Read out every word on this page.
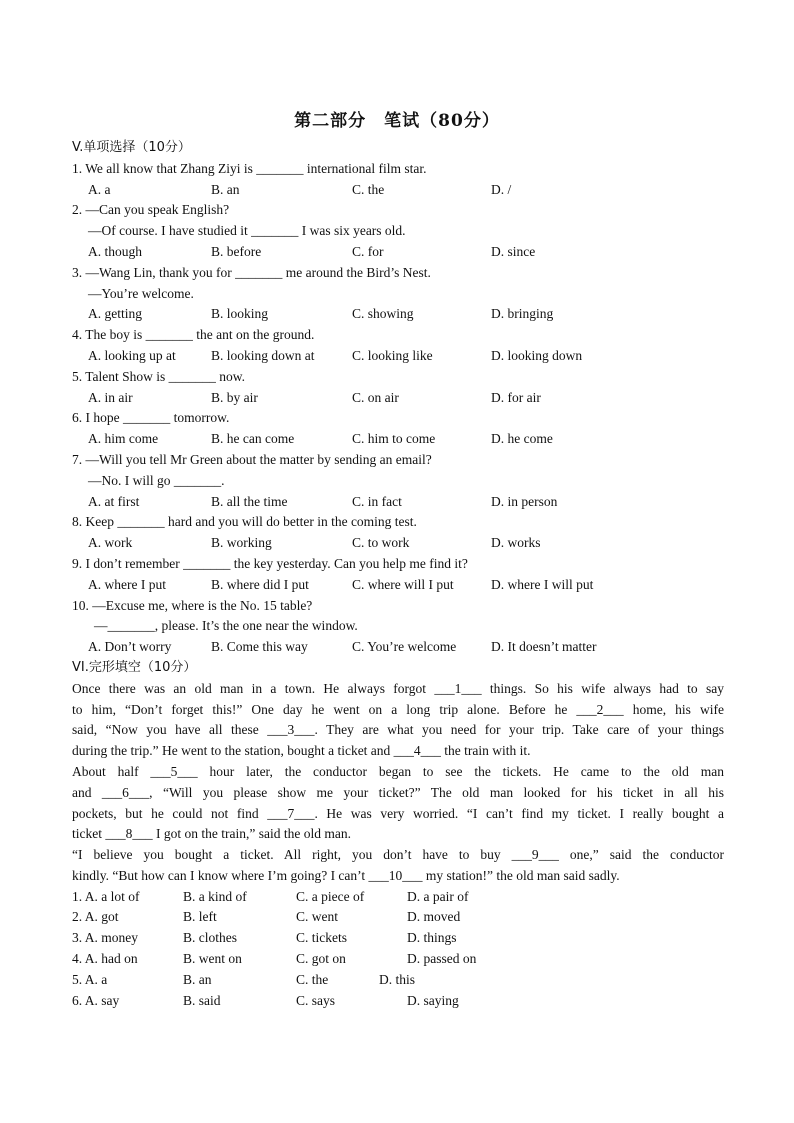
第二部分　笔试（80分）
V.单项选择（10分）
1. We all know that Zhang Ziyi is _______ international film star.
A. a	B. an	C. the	D. /
2. —Can you speak English?
—Of course. I have studied it _______ I was six years old.
A. though	B. before	C. for	D. since
3. —Wang Lin, thank you for _______ me around the Bird’s Nest.
—You’re welcome.
A. getting	B. looking	C. showing	D. bringing
4. The boy is _______ the ant on the ground.
A. looking up at	B. looking down at	C. looking like	D. looking down
5. Talent Show is _______ now.
A. in air	B. by air	C. on air	D. for air
6. I hope _______ tomorrow.
A. him come	B. he can come	C. him to come	D. he come
7. —Will you tell Mr Green about the matter by sending an email?
—No. I will go _______.
A. at first	B. all the time	C. in fact	D. in person
8. Keep _______ hard and you will do better in the coming test.
A. work	B. working	C. to work	D. works
9. I don’t remember _______ the key yesterday. Can you help me find it?
A. where I put	B. where did I put	C. where will I put	D. where I will put
10. —Excuse me, where is the No. 15 table?
—_______, please. It’s the one near the window.
A. Don’t worry	B. Come this way	C. You’re welcome	D. It doesn’t matter
VI.完形填空（10分）
Once there was an old man in a town. He always forgot ___1___ things. So his wife always had to say
to him, “Don’t forget this!” One day he went on a long trip alone. Before he ___2___ home, his wife
said, “Now you have all these ___3___. They are what you need for your trip. Take care of your things
during the trip.” He went to the station, bought a ticket and ___4___ the train with it.
About half ___5___ hour later, the conductor began to see the tickets. He came to the old man
and ___6___, “Will you please show me your ticket?” The old man looked for his ticket in all his
pockets, but he could not find ___7___. He was very worried. “I can’t find my ticket. I really bought a
ticket ___8___ I got on the train,” said the old man.
“I believe you bought a ticket. All right, you don’t have to buy ___9___ one,” said the conductor
kindly. “But how can I know where I’m going? I can’t ___10___ my station!” the old man said sadly.
1. A. a lot of	B. a kind of	C. a piece of	D. a pair of
2. A. got	B. left	C. went	D. moved
3. A. money	B. clothes	C. tickets	D. things
4. A. had on	B. went on	C. got on	D. passed on
5. A. a	B. an	C. the	D. this
6. A. say	B. said	C. says	D. saying
